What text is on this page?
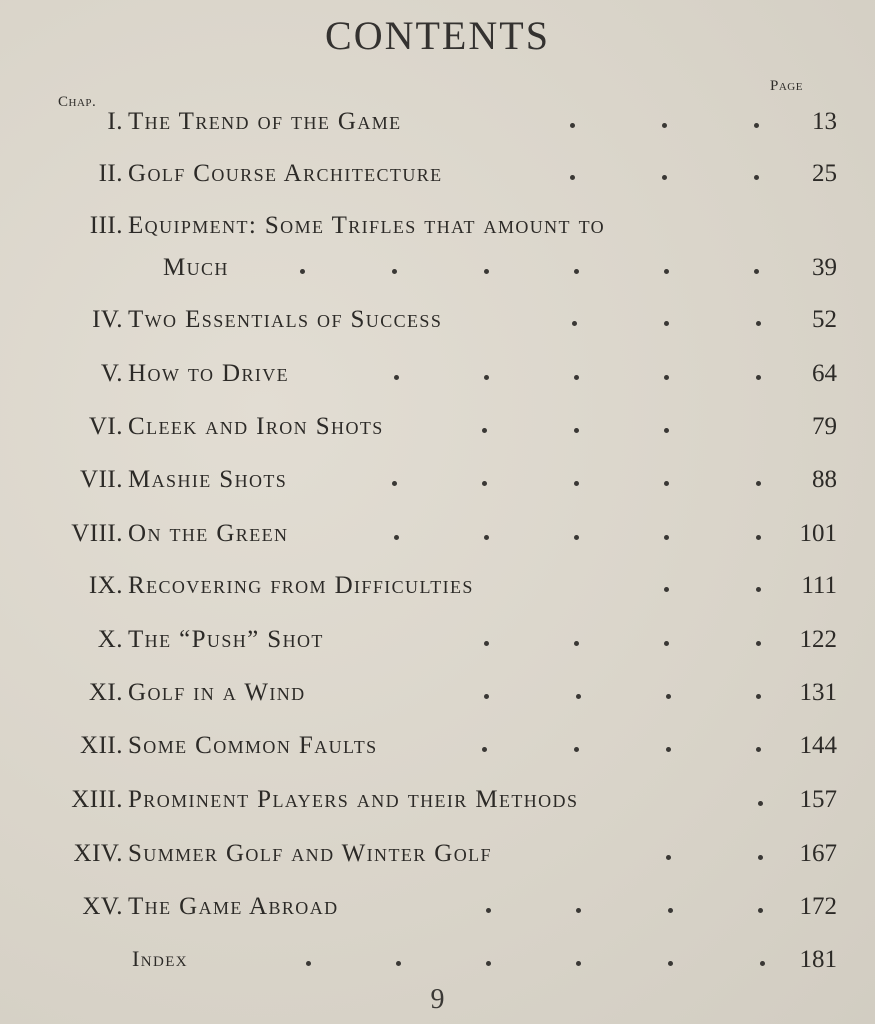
CONTENTS
Chap.
Page
I. The Trend of the Game	13
II. Golf Course Architecture	25
III. Equipment: Some Trifles that amount to
Much	39
IV. Two Essentials of Success	52
V. How to Drive	64
VI. Cleek and Iron Shots	79
VII. Mashie Shots	88
VIII. On the Green	101
IX. Recovering from Difficulties	111
X. The “Push” Shot	122
XI. Golf in a Wind	131
XII. Some Common Faults	144
XIII. Prominent Players and their Methods	157
XIV. Summer Golf and Winter Golf	167
XV. The Game Abroad	172
Index	181
9
